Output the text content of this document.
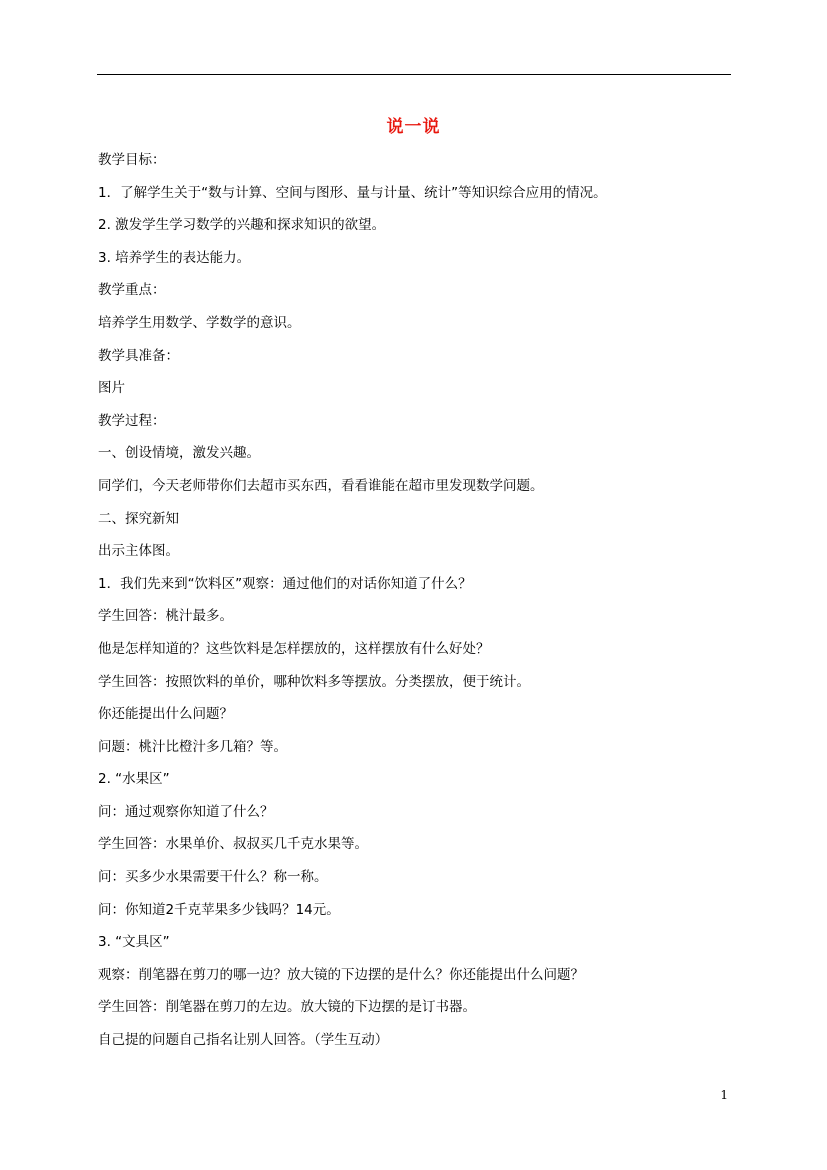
说一说
教学目标：
1．了解学生关于“数与计算、空间与图形、量与计量、统计”等知识综合应用的情况。
2. 激发学生学习数学的兴趣和探求知识的欲望。
3. 培养学生的表达能力。
教学重点：
培养学生用数学、学数学的意识。
教学具准备：
图片
教学过程：
一、创设情境，激发兴趣。
同学们，今天老师带你们去超市买东西，看看谁能在超市里发现数学问题。
二、探究新知
出示主体图。
1．我们先来到“饮料区”观察：通过他们的对话你知道了什么？
学生回答：桃汁最多。
他是怎样知道的？这些饮料是怎样摆放的，这样摆放有什么好处？
学生回答：按照饮料的单价，哪种饮料多等摆放。分类摆放，便于统计。
你还能提出什么问题？
问题：桃汁比橙汁多几箱？等。
2. “水果区”
问：通过观察你知道了什么？
学生回答：水果单价、叔叔买几千克水果等。
问：买多少水果需要干什么？称一称。
问：你知道2千克苹果多少钱吗？14元。
3. “文具区”
观察：削笔器在剪刀的哪一边？放大镜的下边摆的是什么？你还能提出什么问题？
学生回答：削笔器在剪刀的左边。放大镜的下边摆的是订书器。
自己提的问题自己指名让别人回答。（学生互动）
1
